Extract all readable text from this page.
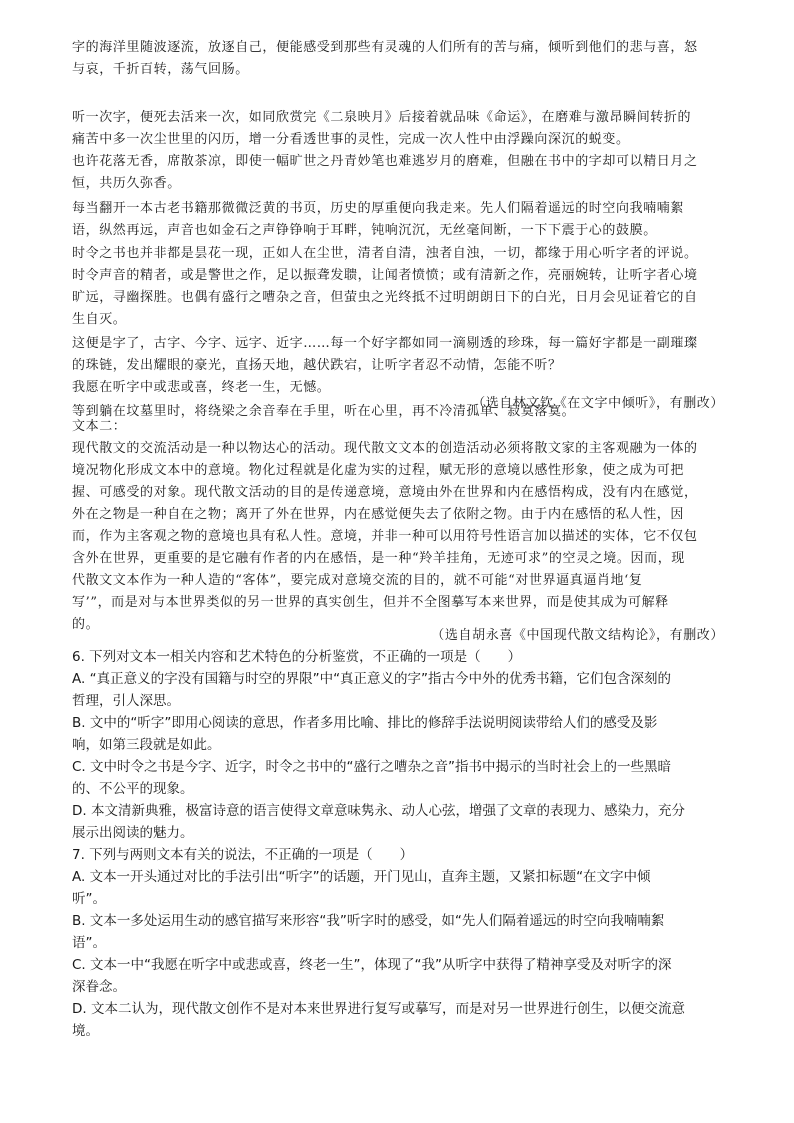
字的海洋里随波逐流，放逐自己，便能感受到那些有灵魂的人们所有的苦与痛，倾听到他们的悲与喜，怒
与哀，千折百转，荡气回肠。
听一次字，便死去活来一次，如同欣赏完《二泉映月》后接着就品味《命运》，在磨难与激昂瞬间转折的
痛苦中多一次尘世里的闪历，增一分看透世事的灵性，完成一次人性中由浮躁向深沉的蜕变。
也许花落无香，席散茶凉，即使一幅旷世之丹青妙笔也难逃岁月的磨难，但融在书中的字却可以精日月之
恒，共历久弥香。
每当翻开一本古老书籍那微微泛黄的书页，历史的厚重便向我走来。先人们隔着遥远的时空向我喃喃絮
语，纵然再远，声音也如金石之声铮铮响于耳畔，钝响沉沉，无丝毫间断，一下下震于心的鼓膜。
时令之书也并非都是昙花一现，正如人在尘世，清者自清，浊者自浊，一切，都缘于用心听字者的评说。
时令声音的精者，或是警世之作，足以振聋发聩，让闻者愤愤；或有清新之作，亮丽婉转，让听字者心境
旷远，寻幽探胜。也偶有盛行之嘈杂之音，但萤虫之光终抵不过明朗朗日下的白光，日月会见证着它的自
生自灭。
这便是字了，古字、今字、远字、近字……每一个好字都如同一滴剔透的珍珠，每一篇好字都是一副璀璨
的珠链，发出耀眼的豪光，直扬天地，越伏跌宕，让听字者忍不动情，怎能不听？
我愿在听字中或悲或喜，终老一生，无憾。
等到躺在坟墓里时，将绕梁之余音奉在手里，听在心里，再不冷清孤单、寂寞落寞。
（选自林文钦《在文字中倾听》，有删改）
文本二：
现代散文的交流活动是一种以物达心的活动。现代散文文本的创造活动必须将散文家的主客观融为一体的
境况物化形成文本中的意境。物化过程就是化虚为实的过程，赋无形的意境以感性形象，使之成为可把
握、可感受的对象。现代散文活动的目的是传递意境，意境由外在世界和内在感悟构成，没有内在感觉，
外在之物是一种自在之物；离开了外在世界，内在感觉便失去了依附之物。由于内在感悟的私人性，因
而，作为主客观之物的意境也具有私人性。意境，并非一种可以用符号性语言加以描述的实体，它不仅包
含外在世界，更重要的是它融有作者的内在感悟，是一种“羚羊挂角，无迹可求”的空灵之境。因而，现
代散文文本作为一种人造的“客体”，要完成对意境交流的目的，就不可能“对世界逼真逼肖地‘复
写’”，而是对与本世界类似的另一世界的真实创生，但并不全图摹写本来世界，而是使其成为可解释
的。
（选自胡永喜《中国现代散文结构论》，有删改）
6. 下列对文本一相关内容和艺术特色的分析鉴赏，不正确的一项是（　　）
A. “真正意义的字没有国籍与时空的界限”中“真正意义的字”指古今中外的优秀书籍，它们包含深刻的
哲理，引人深思。
B. 文中的“听字”即用心阅读的意思，作者多用比喻、排比的修辞手法说明阅读带给人们的感受及影
响，如第三段就是如此。
C. 文中时令之书是今字、近字，时令之书中的“盛行之嘈杂之音”指书中揭示的当时社会上的一些黑暗
的、不公平的现象。
D. 本文清新典雅，极富诗意的语言使得文章意味隽永、动人心弦，增强了文章的表现力、感染力，充分
展示出阅读的魅力。
7. 下列与两则文本有关的说法，不正确的一项是（　　）
A. 文本一开头通过对比的手法引出“听字”的话题，开门见山，直奔主题，又紧扣标题“在文字中倾
听”。
B. 文本一多处运用生动的感官描写来形容“我”听字时的感受，如“先人们隔着遥远的时空向我喃喃絮
语”。
C. 文本一中“我愿在听字中或悲或喜，终老一生”，体现了“我”从听字中获得了精神享受及对听字的深
深眷念。
D. 文本二认为，现代散文创作不是对本来世界进行复写或摹写，而是对另一世界进行创生，以便交流意
境。
